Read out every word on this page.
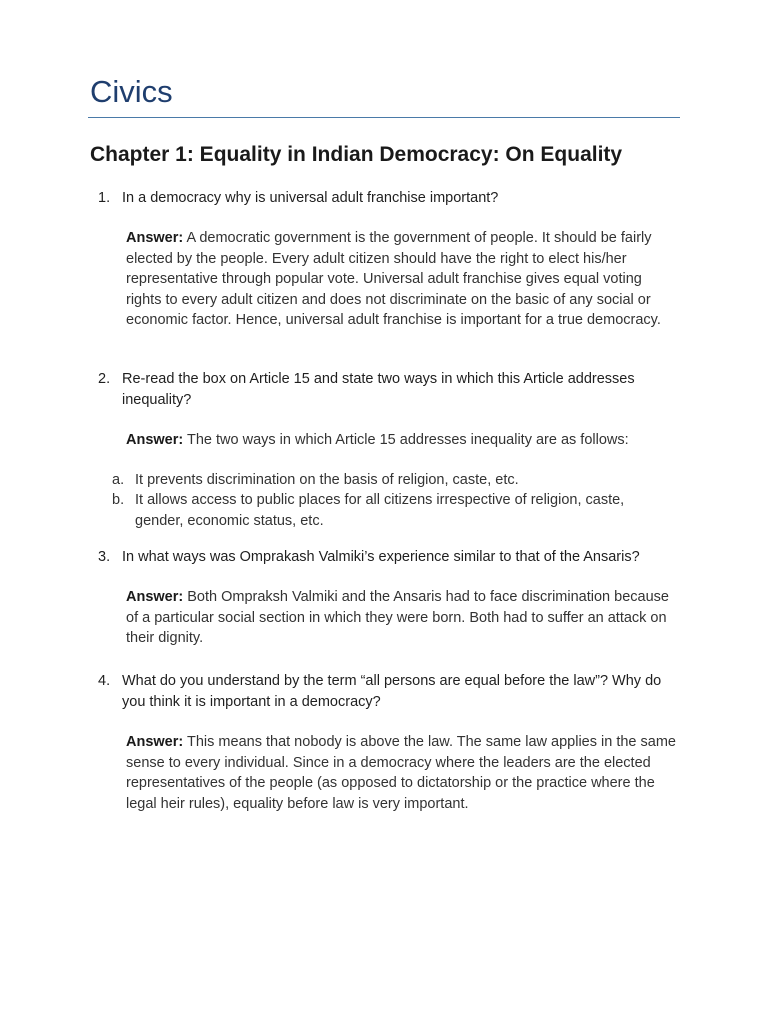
Civics
Chapter 1: Equality in Indian Democracy: On Equality

1. In a democracy why is universal adult franchise important?

Answer: A democratic government is the government of people. It should be fairly elected by the people. Every adult citizen should have the right to elect his/her representative through popular vote. Universal adult franchise gives equal voting rights to every adult citizen and does not discriminate on the basic of any social or economic factor. Hence, universal adult franchise is important for a true democracy.

2. Re-read the box on Article 15 and state two ways in which this Article addresses inequality?

Answer: The two ways in which Article 15 addresses inequality are as follows:

a. It prevents discrimination on the basis of religion, caste, etc.
b. It allows access to public places for all citizens irrespective of religion, caste, gender, economic status, etc.

3. In what ways was Omprakash Valmiki’s experience similar to that of the Ansaris?

Answer: Both Ompraksh Valmiki and the Ansaris had to face discrimination because of a particular social section in which they were born. Both had to suffer an attack on their dignity.

4. What do you understand by the term “all persons are equal before the law”? Why do you think it is important in a democracy?

Answer: This means that nobody is above the law. The same law applies in the same sense to every individual. Since in a democracy where the leaders are the elected representatives of the people (as opposed to dictatorship or the practice where the legal heir rules), equality before law is very important.
